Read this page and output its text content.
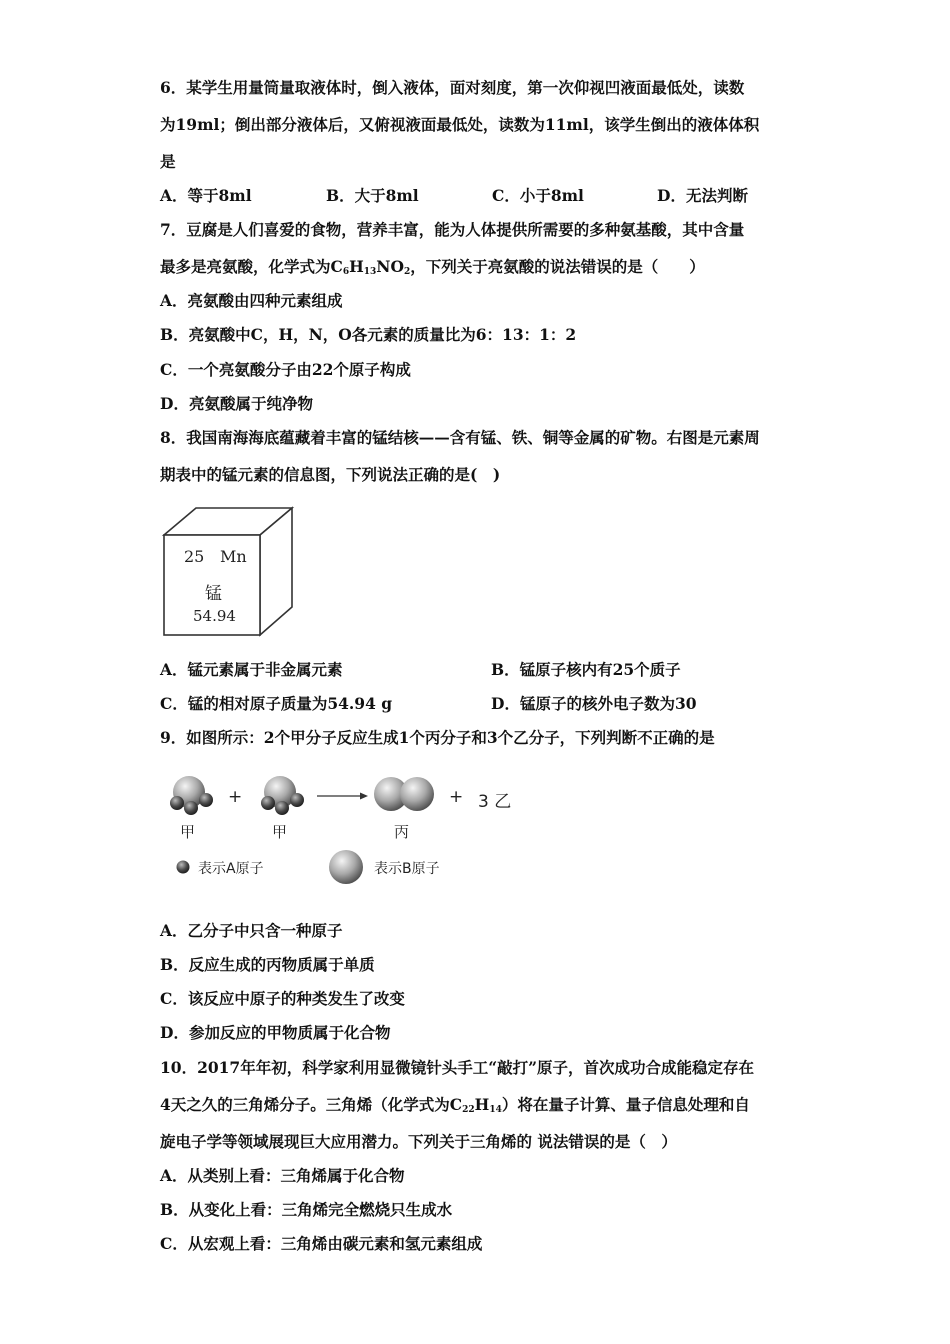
6．某学生用量筒量取液体时，倒入液体，面对刻度，第一次仰视凹液面最低处，读数
为19ml；倒出部分液体后，又俯视液面最低处，读数为11ml，该学生倒出的液体体积
是
A．等于8ml	B．大于8ml	C．小于8ml	D．无法判断
7．豆腐是人们喜爱的食物，营养丰富，能为人体提供所需要的多种氨基酸，其中含量
最多是亮氨酸，化学式为$C_6H_{13}NO_2$，下列关于亮氨酸的说法错误的是（　　）
A．亮氨酸由四种元素组成
B．亮氨酸中C，H，N，O各元素的质量比为6：13：1：2
C．一个亮氨酸分子由22个原子构成
D．亮氨酸属于纯净物
8．我国南海海底蕴藏着丰富的锰结核——含有锰、铁、铜等金属的矿物。右图是元素周
期表中的锰元素的信息图，下列说法正确的是(　)
25 Mn
锰
54.94
A．锰元素属于非金属元素	B．锰原子核内有25个质子
C．锰的相对原子质量为54.94 g	D．锰原子的核外电子数为30
9．如图所示：2个甲分子反应生成1个丙分子和3个乙分子，下列判断不正确的是
+	+ 3 乙
甲	甲	丙
表示A原子	表示B原子
A．乙分子中只含一种原子
B．反应生成的丙物质属于单质
C．该反应中原子的种类发生了改变
D．参加反应的甲物质属于化合物
10．2017年年初，科学家利用显微镜针头手工“敲打”原子，首次成功合成能稳定存在
4天之久的三角烯分子。三角烯（化学式为$C_{22}H_{14}$）将在量子计算、量子信息处理和自
旋电子学等领域展现巨大应用潜力。下列关于三角烯的 说法错误的是（　）
A．从类别上看：三角烯属于化合物
B．从变化上看：三角烯完全燃烧只生成水
C．从宏观上看：三角烯由碳元素和氢元素组成
